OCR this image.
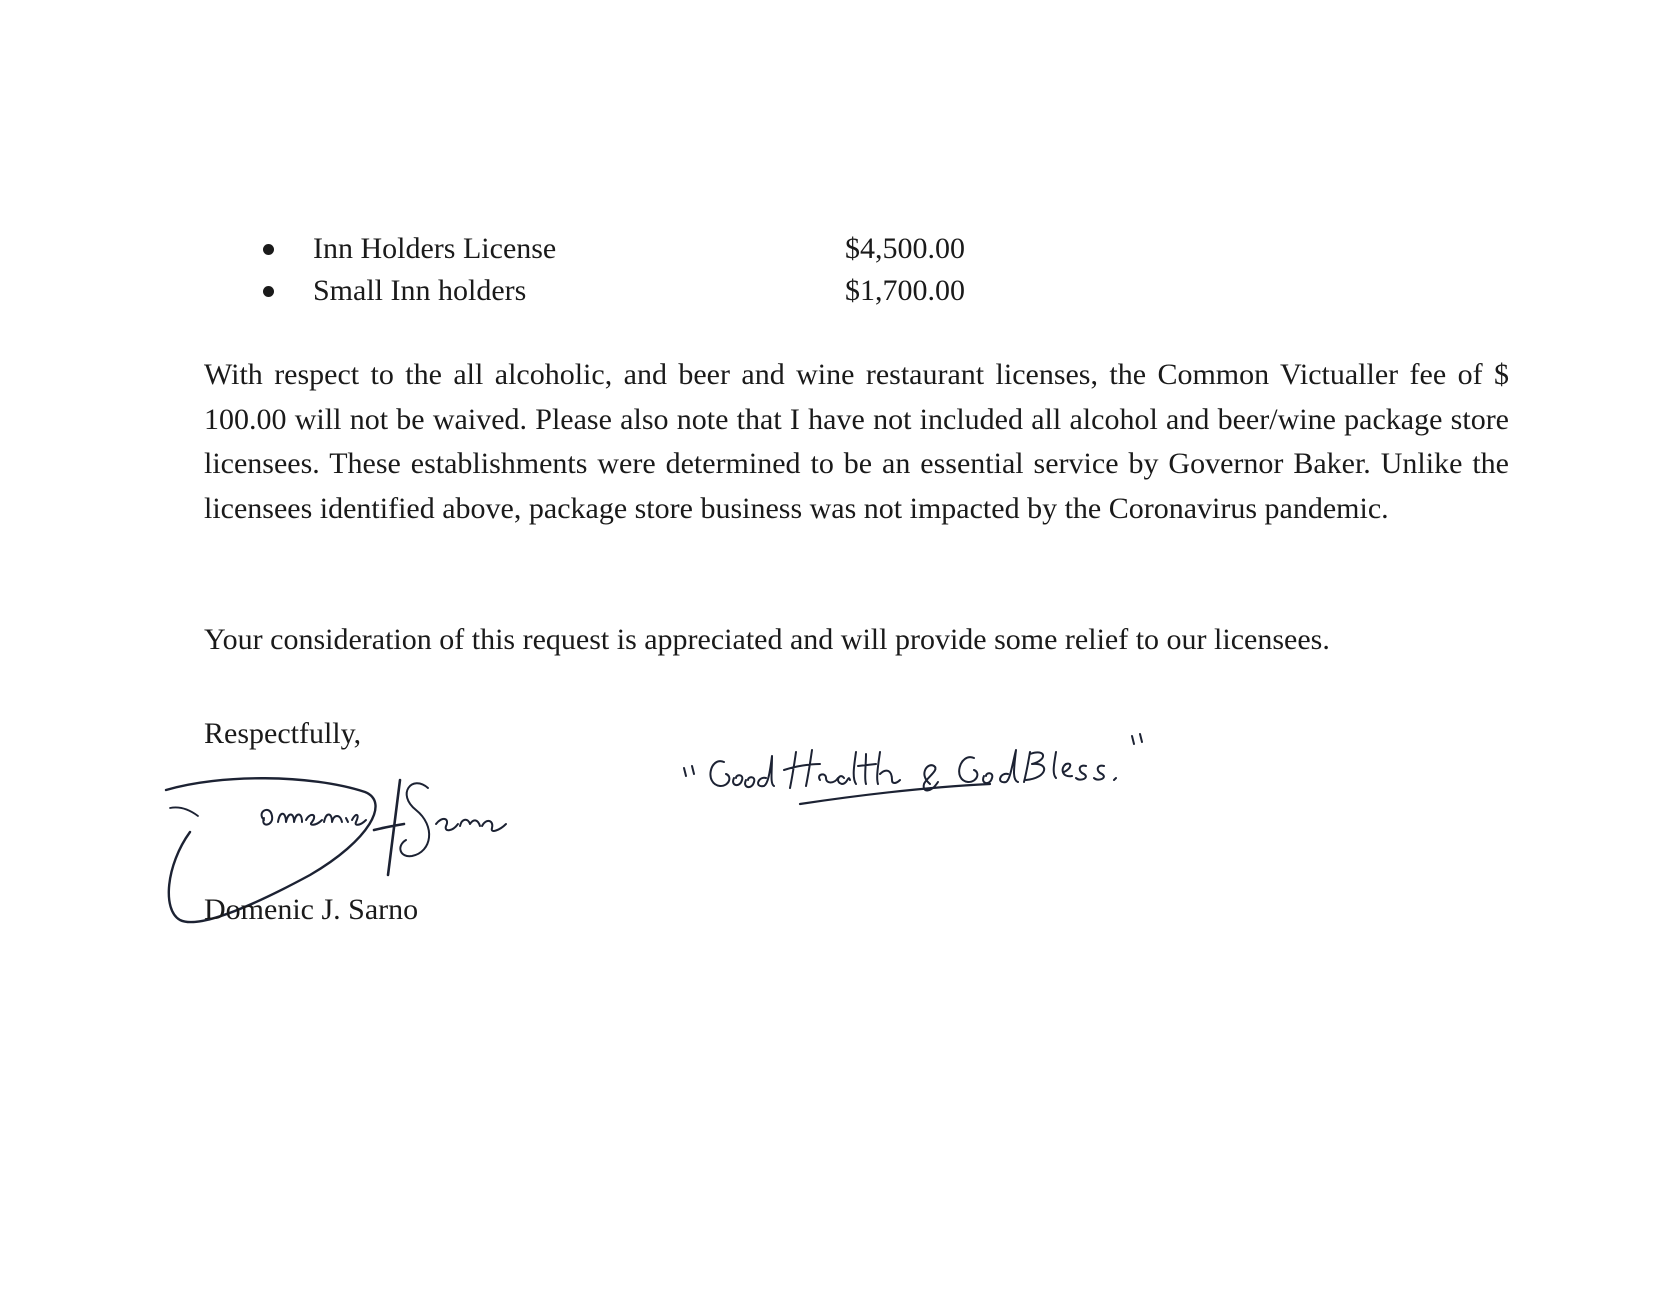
Inn Holders License	$4,500.00
Small Inn holders	$1,700.00

With respect to the all alcoholic, and beer and wine restaurant licenses, the Common Victualler fee of $ 100.00 will not be waived. Please also note that I have not included all alcohol and beer/wine package store licensees. These establishments were determined to be an essential service by Governor Baker. Unlike the licensees identified above, package store business was not impacted by the Coronavirus pandemic.

Your consideration of this request is appreciated and will provide some relief to our licensees.

Respectfully,

Domenic J. Sarno
